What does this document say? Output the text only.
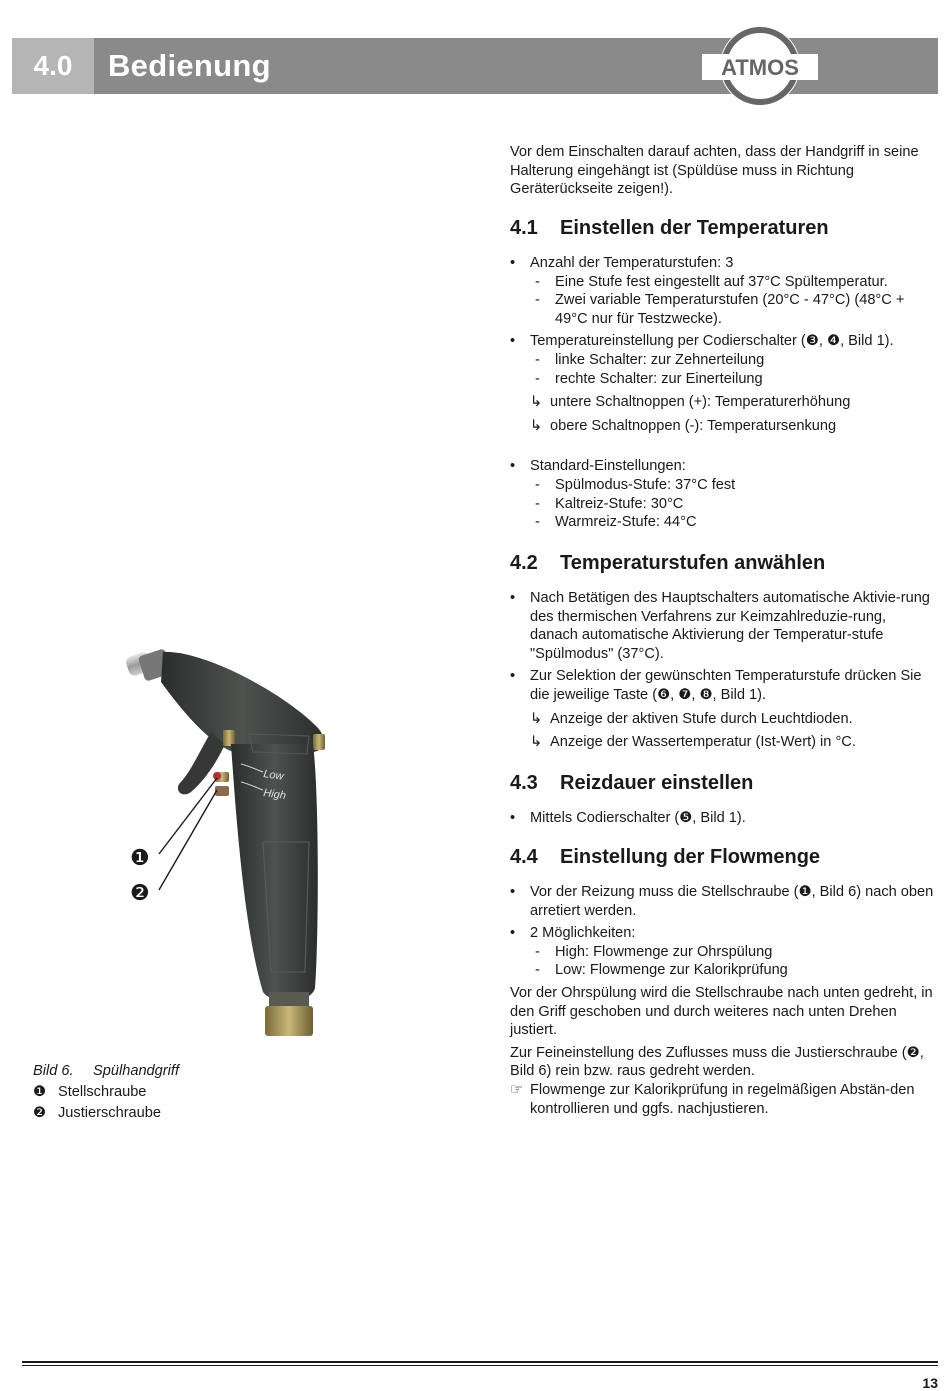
4.0	Bedienung	ATMOS

Vor dem Einschalten darauf achten, dass der Handgriff in seine Halterung eingehängt ist (Spüldüse muss in Richtung Geräterückseite zeigen!).

4.1 Einstellen der Temperaturen

• Anzahl der Temperaturstufen: 3

- Eine Stufe fest eingestellt auf 37°C Spültemperatur.

- Zwei variable Temperaturstufen (20°C - 47°C) (48°C + 49°C nur für Testzwecke).

• Temperatureinstellung per Codierschalter (❸, ❹, Bild 1).

- linke Schalter: zur Zehnerteilung

- rechte Schalter: zur Einerteilung

↳ untere Schaltnoppen (+): Temperaturerhöhung

↳ obere Schaltnoppen (-): Temperatursenkung

• Standard-Einstellungen:

- Spülmodus-Stufe: 37°C fest

- Kaltreiz-Stufe: 30°C

- Warmreiz-Stufe: 44°C

4.2 Temperaturstufen anwählen

• Nach Betätigen des Hauptschalters automatische Aktivie-rung des thermischen Verfahrens zur Keimzahlreduzie-rung, danach automatische Aktivierung der Temperatur-stufe "Spülmodus" (37°C).

• Zur Selektion der gewünschten Temperaturstufe drücken Sie die jeweilige Taste (❻, ❼, ❽, Bild 1).

↳ Anzeige der aktiven Stufe durch Leuchtdioden.

↳ Anzeige der Wassertemperatur (Ist-Wert) in °C.

4.3 Reizdauer einstellen

• Mittels Codierschalter (❺, Bild 1).

4.4 Einstellung der Flowmenge

• Vor der Reizung muss die Stellschraube (❶, Bild 6) nach oben arretiert werden.

• 2 Möglichkeiten:

- High: Flowmenge zur Ohrspülung

- Low: Flowmenge zur Kalorikprüfung

Vor der Ohrspülung wird die Stellschraube nach unten gedreht, in den Griff geschoben und durch weiteres nach unten Drehen justiert.

Zur Feineinstellung des Zuflusses muss die Justierschraube (❷, Bild 6) rein bzw. raus gedreht werden.

☞ Flowmenge zur Kalorikprüfung in regelmäßigen Abstän-den kontrollieren und ggfs. nachjustieren.

Low
High
❶
❷
Bild 6. Spülhandgriff
❶ Stellschraube
❷ Justierschraube
13
